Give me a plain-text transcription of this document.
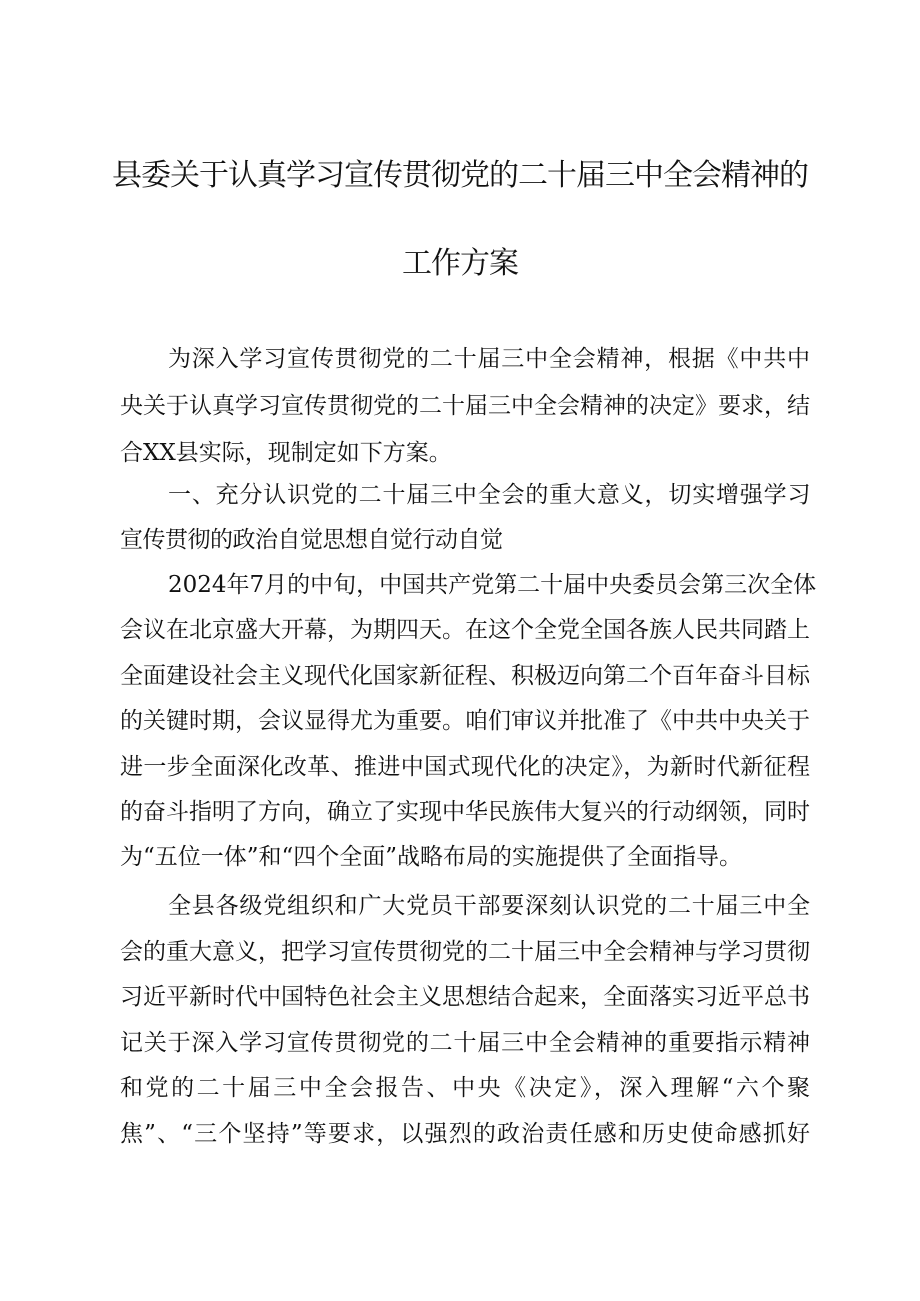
县委关于认真学习宣传贯彻党的二十届三中全会精神的
工作方案
为深入学习宣传贯彻党的二十届三中全会精神，根据《中共中
央关于认真学习宣传贯彻党的二十届三中全会精神的决定》要求，结
合XX县实际，现制定如下方案。
一、充分认识党的二十届三中全会的重大意义，切实增强学习
宣传贯彻的政治自觉思想自觉行动自觉
2024年7月的中旬，中国共产党第二十届中央委员会第三次全体
会议在北京盛大开幕，为期四天。在这个全党全国各族人民共同踏上
全面建设社会主义现代化国家新征程、积极迈向第二个百年奋斗目标
的关键时期，会议显得尤为重要。咱们审议并批准了《中共中央关于
进一步全面深化改革、推进中国式现代化的决定》，为新时代新征程
的奋斗指明了方向，确立了实现中华民族伟大复兴的行动纲领，同时
为“五位一体”和“四个全面”战略布局的实施提供了全面指导。
全县各级党组织和广大党员干部要深刻认识党的二十届三中全
会的重大意义，把学习宣传贯彻党的二十届三中全会精神与学习贯彻
习近平新时代中国特色社会主义思想结合起来，全面落实习近平总书
记关于深入学习宣传贯彻党的二十届三中全会精神的重要指示精神
和党的二十届三中全会报告、中央《决定》，深入理解“六个聚
焦”、“三个坚持”等要求，以强烈的政治责任感和历史使命感抓好
